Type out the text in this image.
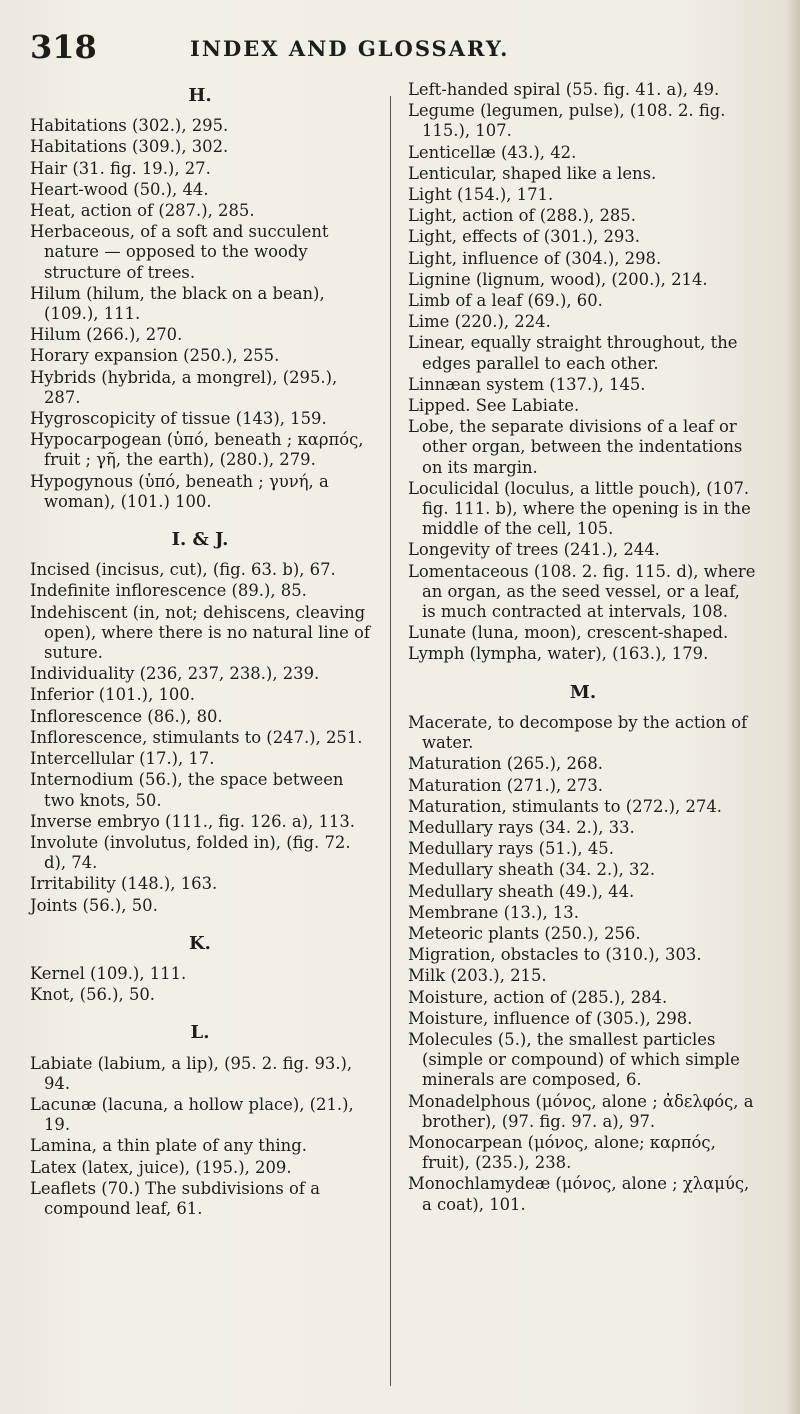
318	INDEX AND GLOSSARY.
H.
Habitations (302.), 295.
Habitations (309.), 302.
Hair (31. fig. 19.), 27.
Heart-wood (50.), 44.
Heat, action of (287.), 285.
Herbaceous, of a soft and succulent nature — opposed to the woody structure of trees.
Hilum (hilum, the black on a bean), (109.), 111.
Hilum (266.), 270.
Horary expansion (250.), 255.
Hybrids (hybrida, a mongrel), (295.), 287.
Hygroscopicity of tissue (143), 159.
Hypocarpogean (ὑπό, beneath ; καρπός, fruit ; γῆ, the earth), (280.), 279.
Hypogynous (ὑπό, beneath ; γυνή, a woman), (101.) 100.
I. & J.
Incised (incisus, cut), (fig. 63. b), 67.
Indefinite inflorescence (89.), 85.
Indehiscent (in, not; dehiscens, cleaving open), where there is no natural line of suture.
Individuality (236, 237, 238.), 239.
Inferior (101.), 100.
Inflorescence (86.), 80.
Inflorescence, stimulants to (247.), 251.
Intercellular (17.), 17.
Internodium (56.), the space between two knots, 50.
Inverse embryo (111., fig. 126. a), 113.
Involute (involutus, folded in), (fig. 72. d), 74.
Irritability (148.), 163.
Joints (56.), 50.
K.
Kernel (109.), 111.
Knot, (56.), 50.
L.
Labiate (labium, a lip), (95. 2. fig. 93.), 94.
Lacunæ (lacuna, a hollow place), (21.), 19.
Lamina, a thin plate of any thing.
Latex (latex, juice), (195.), 209.
Leaflets (70.) The subdivisions of a compound leaf, 61.
Left-handed spiral (55. fig. 41. a), 49.
Legume (legumen, pulse), (108. 2. fig. 115.), 107.
Lenticellæ (43.), 42.
Lenticular, shaped like a lens.
Light (154.), 171.
Light, action of (288.), 285.
Light, effects of (301.), 293.
Light, influence of (304.), 298.
Lignine (lignum, wood), (200.), 214.
Limb of a leaf (69.), 60.
Lime (220.), 224.
Linear, equally straight throughout, the edges parallel to each other.
Linnæan system (137.), 145.
Lipped. See Labiate.
Lobe, the separate divisions of a leaf or other organ, between the indentations on its margin.
Loculicidal (loculus, a little pouch), (107. fig. 111. b), where the opening is in the middle of the cell, 105.
Longevity of trees (241.), 244.
Lomentaceous (108. 2. fig. 115. d), where an organ, as the seed vessel, or a leaf, is much contracted at intervals, 108.
Lunate (luna, moon), crescent-shaped.
Lymph (lympha, water), (163.), 179.
M.
Macerate, to decompose by the action of water.
Maturation (265.), 268.
Maturation (271.), 273.
Maturation, stimulants to (272.), 274.
Medullary rays (34. 2.), 33.
Medullary rays (51.), 45.
Medullary sheath (34. 2.), 32.
Medullary sheath (49.), 44.
Membrane (13.), 13.
Meteoric plants (250.), 256.
Migration, obstacles to (310.), 303.
Milk (203.), 215.
Moisture, action of (285.), 284.
Moisture, influence of (305.), 298.
Molecules (5.), the smallest particles (simple or compound) of which simple minerals are composed, 6.
Monadelphous (μόνος, alone ; ἀδελφός, a brother), (97. fig. 97. a), 97.
Monocarpean (μόνος, alone; καρπός, fruit), (235.), 238.
Monochlamydeæ (μόνος, alone ; χλαμύς, a coat), 101.
